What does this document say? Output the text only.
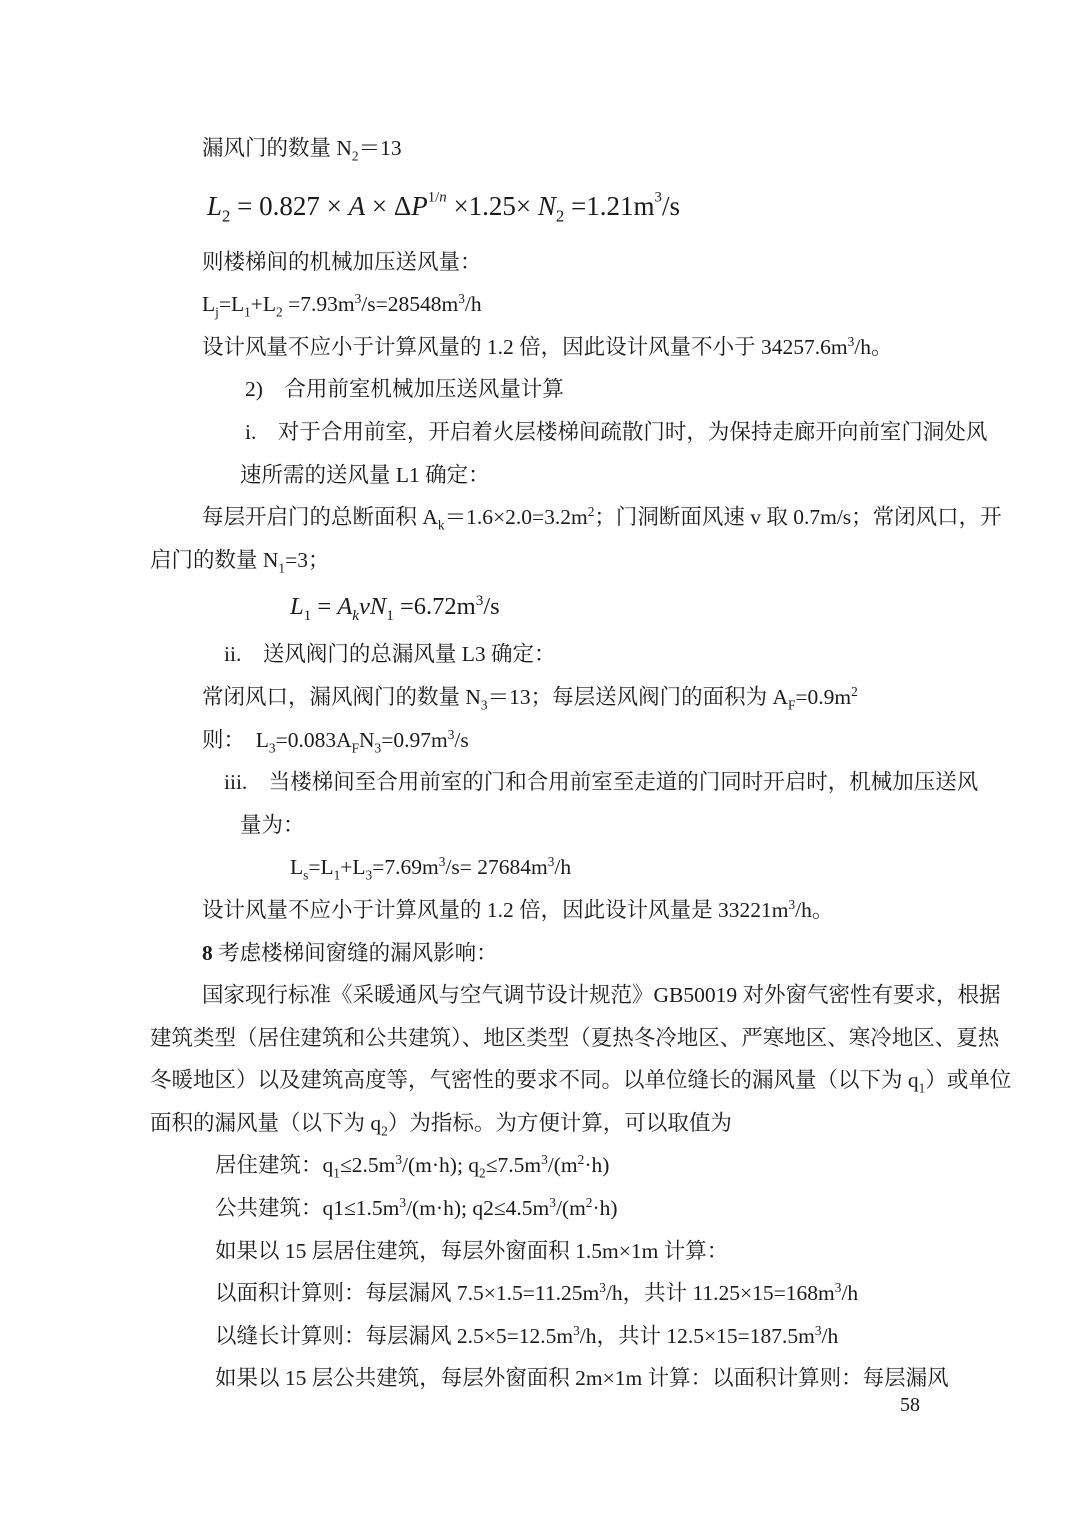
漏风门的数量 $N_2=13$
$L_2 = 0.827 \times A \times \Delta P^{1/n} \times 1.25\times N_2 =1.21m^3/s$
则楼梯间的机械加压送风量：
$L_j=L_1+L_2 =7.93m^3/s=28548m^3/h$
设计风量不应小于计算风量的 1.2 倍，因此设计风量不小于 $34257.6m^3/h$。
2)　合用前室机械加压送风量计算
i.　对于合用前室，开启着火层楼梯间疏散门时，为保持走廊开向前室门洞处风
速所需的送风量 L1 确定：
每层开启门的总断面积 $A_k=1.6\times 2.0=3.2m^2$；门洞断面风速 v 取 0.7m/s；常闭风口，开
启门的数量 $N_1=3$；
$L_1 = A_kvN_1 =6.72m^3/s$
ii.　送风阀门的总漏风量 L3 确定：
常闭风口，漏风阀门的数量 $N_3=13$；每层送风阀门的面积为 $A_F=0.9m^2$
则：　$L_3=0.083A_FN_3=0.97m^3/s$
iii.　当楼梯间至合用前室的门和合用前室至走道的门同时开启时，机械加压送风
量为：
$L_s=L_1+L_3=7.69m^3/s= 27684m^3/h$
设计风量不应小于计算风量的 1.2 倍，因此设计风量是 $33221m^3/h$。
8 考虑楼梯间窗缝的漏风影响：
国家现行标准《采暖通风与空气调节设计规范》GB50019 对外窗气密性有要求，根据
建筑类型（居住建筑和公共建筑）、地区类型（夏热冬冷地区、严寒地区、寒冷地区、夏热
冬暖地区）以及建筑高度等，气密性的要求不同。以单位缝长的漏风量（以下为 $q_1$）或单位
面积的漏风量（以下为 $q_2$）为指标。为方便计算，可以取值为
居住建筑：$q_1\le 2.5m^3/(m\cdot h)$; $q_2\le 7.5m^3/(m^2\cdot h)$
公共建筑：$q1\le 1.5m^3/(m\cdot h)$; $q2\le 4.5m^3/(m^2\cdot h)$
如果以 15 层居住建筑，每层外窗面积 1.5m×1m 计算：
以面积计算则：每层漏风 $7.5\times 1.5=11.25m^3/h$，共计 $11.25\times 15=168m^3/h$
以缝长计算则：每层漏风 $2.5\times 5=12.5m^3/h$，共计 $12.5\times 15=187.5m^3/h$
如果以 15 层公共建筑，每层外窗面积 2m×1m 计算：以面积计算则：每层漏风
58
